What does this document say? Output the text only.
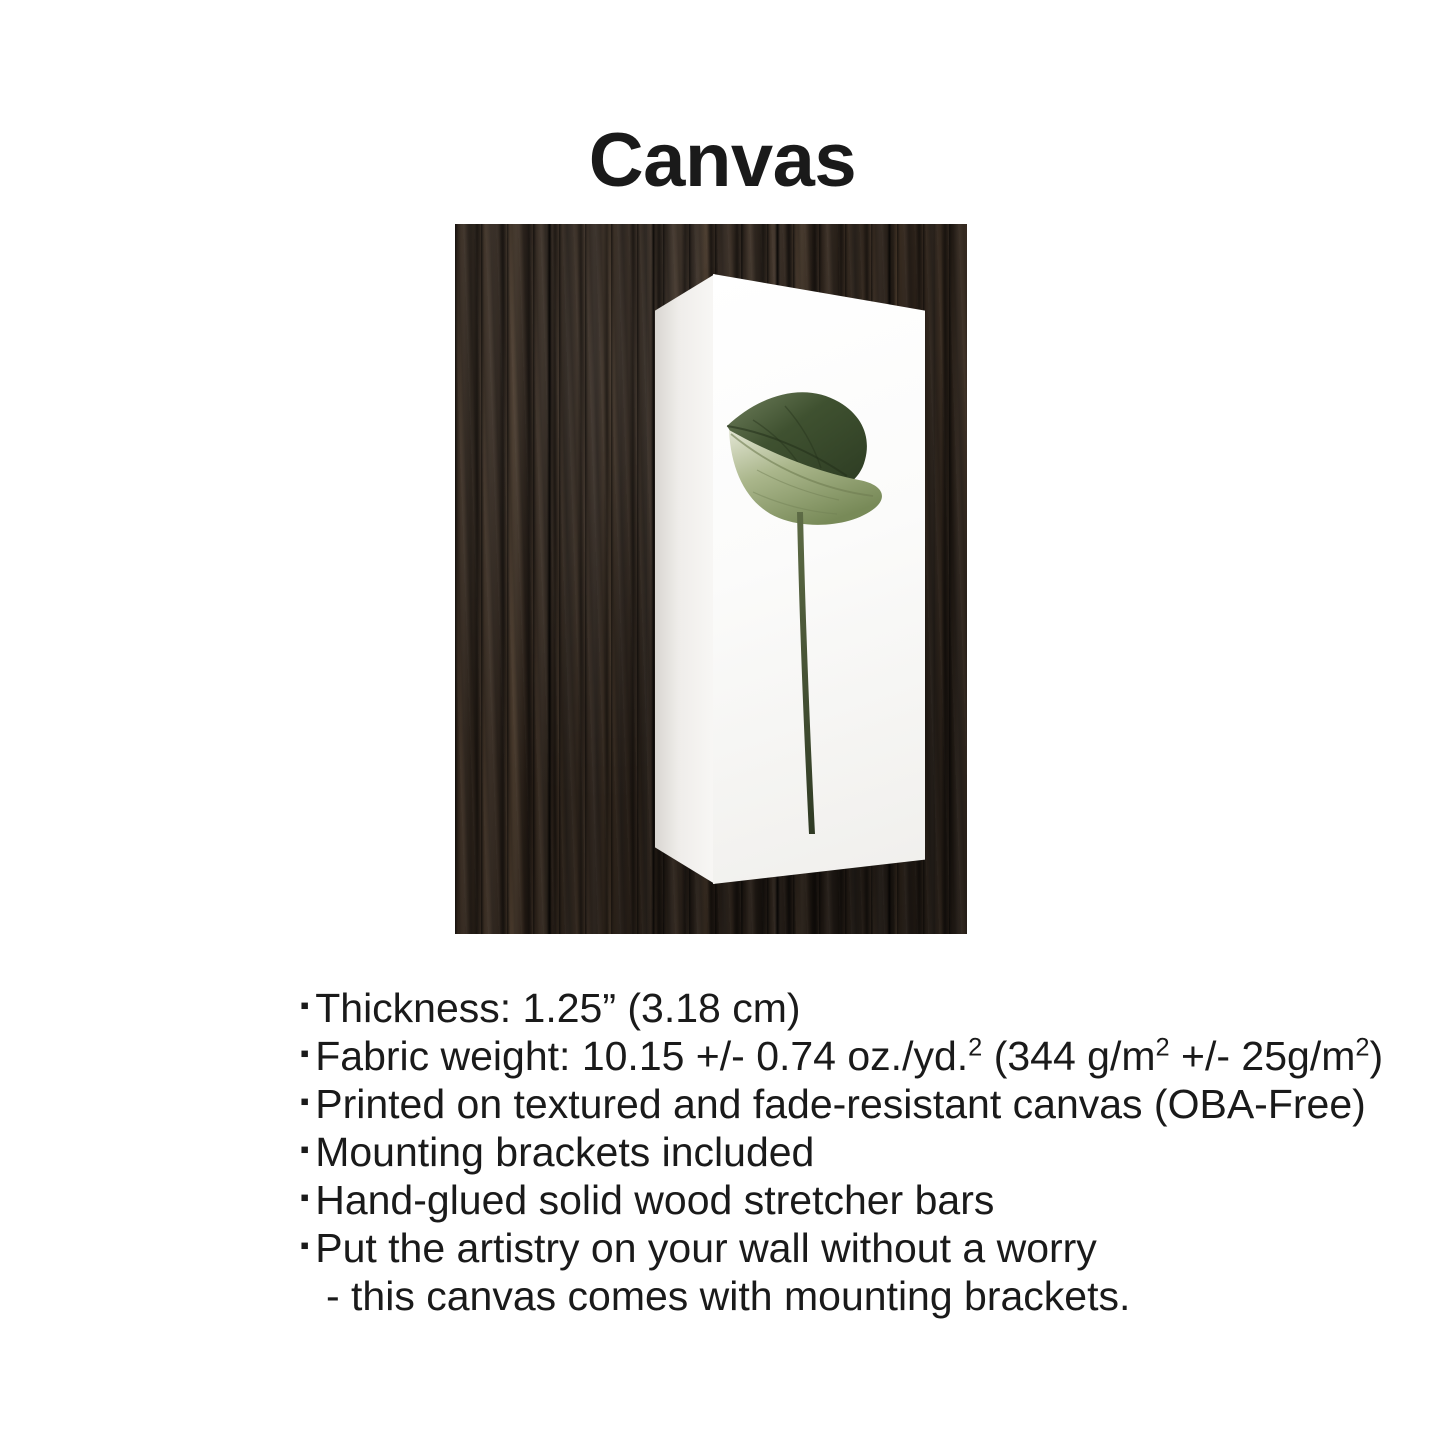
Canvas
▪ Thickness: 1.25” (3.18 cm)
▪ Fabric weight: 10.15 +/- 0.74 oz./yd.$^2$ (344 $g/m^2$ +/- $25g/m^2$)
▪ Printed on textured and fade-resistant canvas (OBA-Free)
▪ Mounting brackets included
▪ Hand-glued solid wood stretcher bars
▪ Put the artistry on your wall without a worry
- this canvas comes with mounting brackets.
